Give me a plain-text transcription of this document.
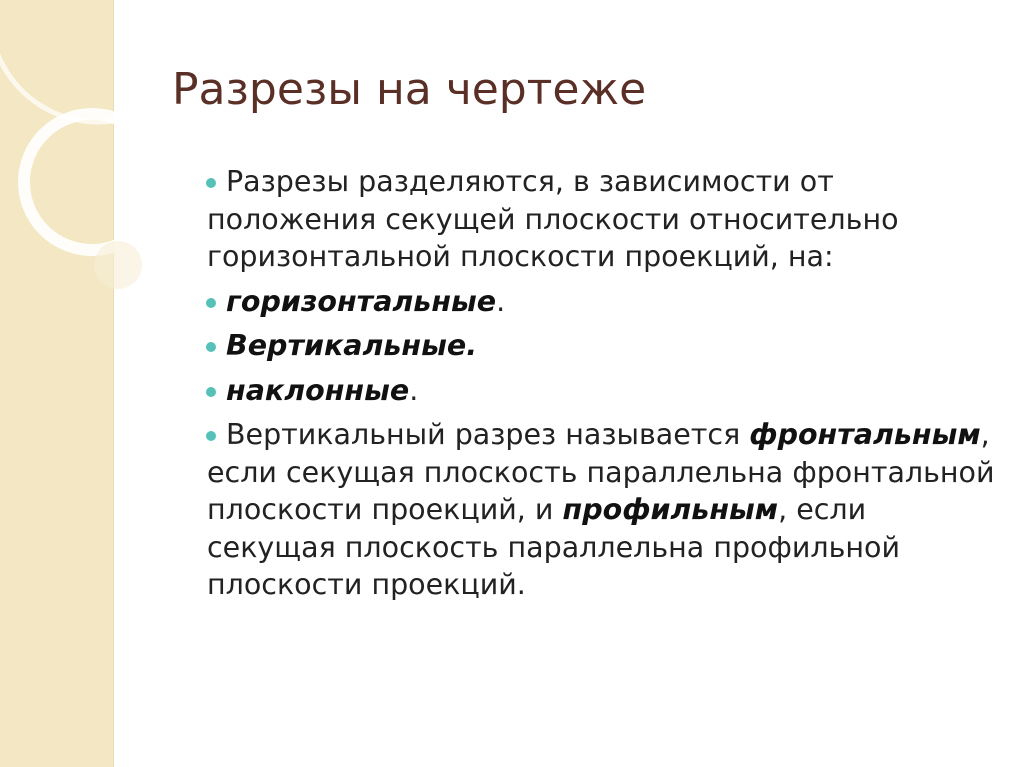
Разрезы на чертеже
Разрезы разделяются, в зависимости от положения секущей плоскости относительно горизонтальной плоскости проекций, на:
горизонтальные.
Вертикальные.
наклонные.
Вертикальный разрез называется фронтальным, если секущая плоскость параллельна фронтальной плоскости проекций, и профильным, если секущая плоскость параллельна профильной плоскости проекций.
